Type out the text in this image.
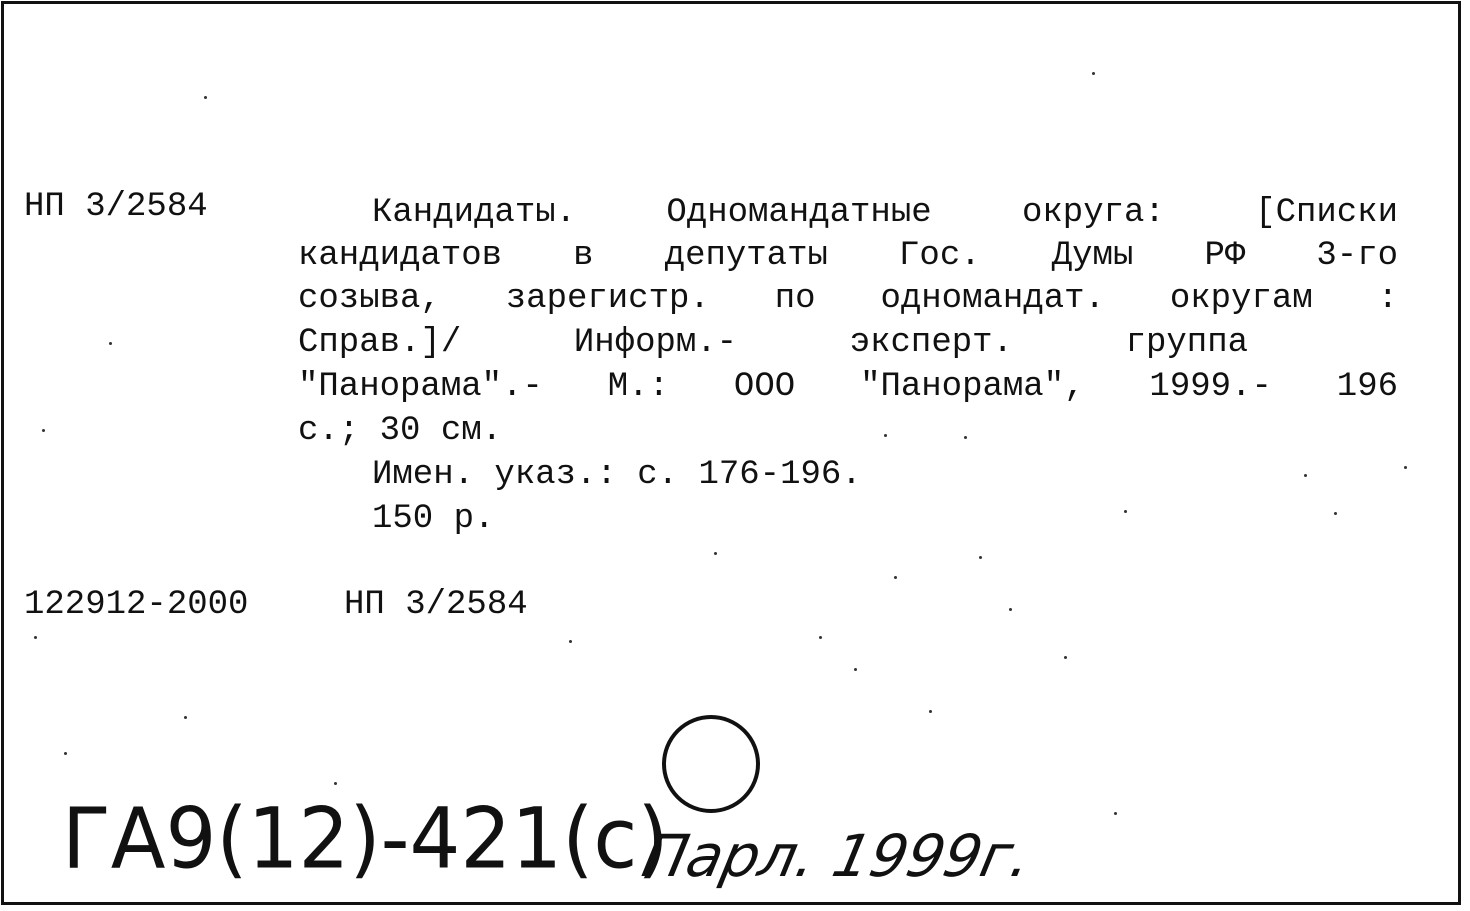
НП 3/2584	Кандидаты. Одномандатные округа: [Списки
кандидатов в депутаты Гос. Думы РФ 3-го
созыва, зарегистр. по одномандат. округам :
Справ.]/ Информ.- эксперт. группа
"Панорама".- М.: ООО "Панорама", 1999.- 196
с.; 30 см.
Имен. указ.: с. 176-196.
150 р.
122912-2000	НП 3/2584
ГА9(12)-421(с)
Парл. 1999г.
